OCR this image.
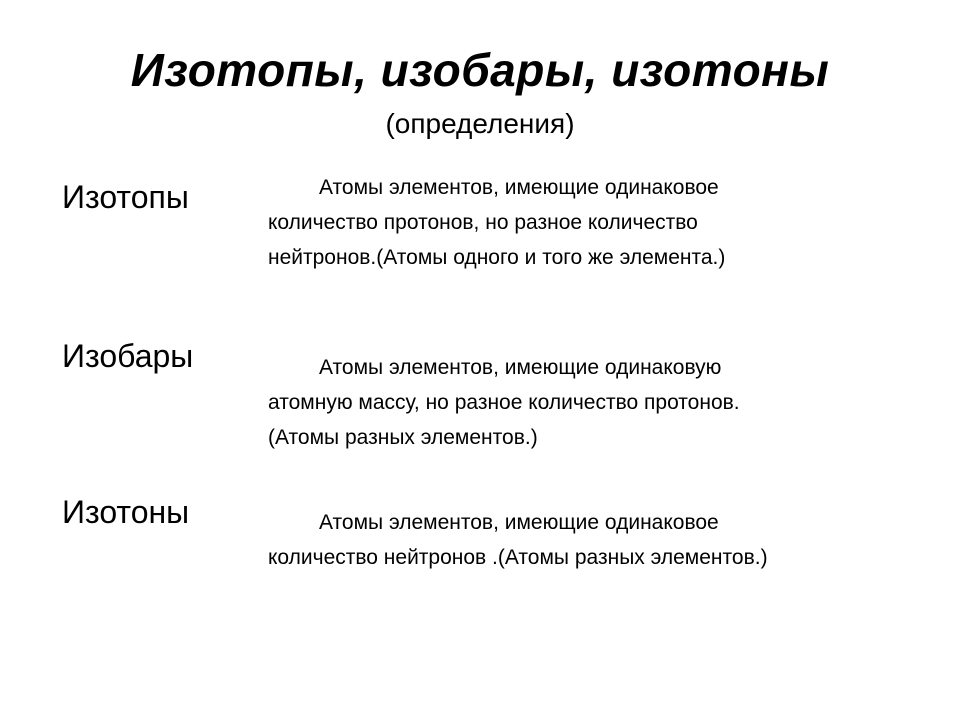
Изотопы, изобары, изотоны
(определения)
Изотопы	Атомы элементов, имеющие одинаковое
количество протонов, но разное количество
нейтронов.(Атомы одного и того же элемента.)
Изобары	Атомы элементов, имеющие одинаковую
атомную массу, но разное количество протонов.
(Атомы разных элементов.)
Изотоны	Атомы элементов, имеющие одинаковое
количество нейтронов .(Атомы разных элементов.)
